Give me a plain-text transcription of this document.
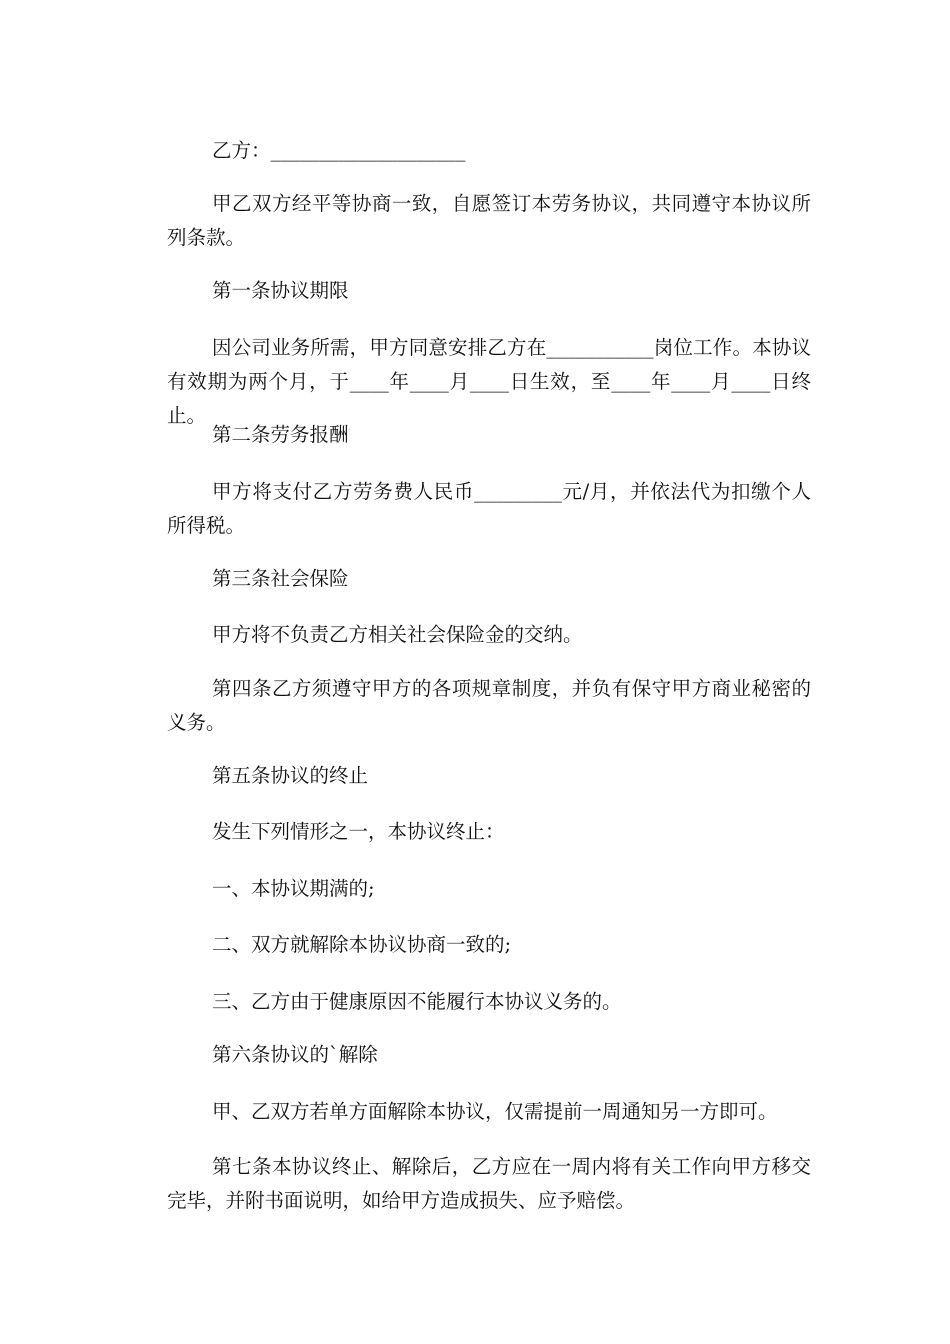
乙方：____________________

甲乙双方经平等协商一致，自愿签订本劳务协议，共同遵守本协议所列条款。

第一条协议期限

因公司业务所需，甲方同意安排乙方在___________岗位工作。本协议有效期为两个月，于____年____月____日生效，至____年____月____日终止。

第二条劳务报酬

甲方将支付乙方劳务费人民币_________元/月，并依法代为扣缴个人所得税。

第三条社会保险

甲方将不负责乙方相关社会保险金的交纳。

第四条乙方须遵守甲方的各项规章制度，并负有保守甲方商业秘密的义务。

第五条协议的终止

发生下列情形之一，本协议终止：

一、本协议期满的;

二、双方就解除本协议协商一致的;

三、乙方由于健康原因不能履行本协议义务的。

第六条协议的`解除

甲、乙双方若单方面解除本协议，仅需提前一周通知另一方即可。

第七条本协议终止、解除后，乙方应在一周内将有关工作向甲方移交完毕，并附书面说明，如给甲方造成损失、应予赔偿。
